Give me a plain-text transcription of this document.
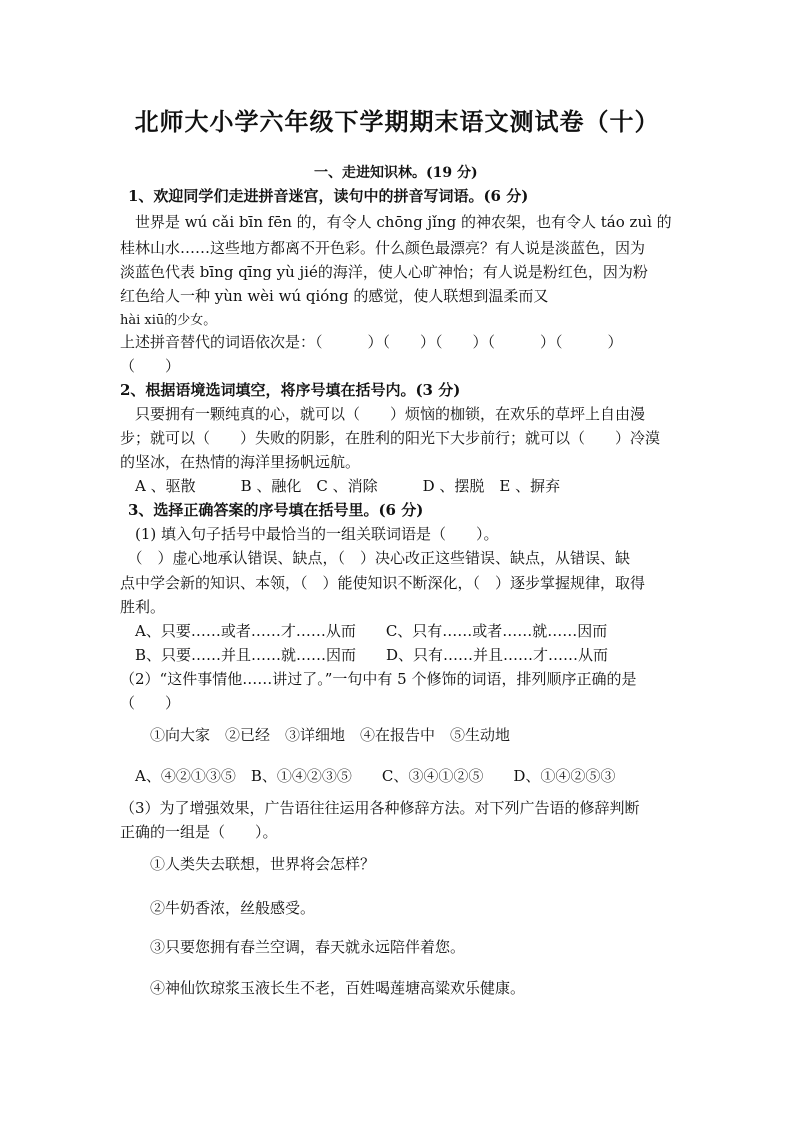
北师大小学六年级下学期期末语文测试卷（十）
一、走进知识林。(19 分)
1、欢迎同学们走进拼音迷宫，读句中的拼音写词语。(6 分)
　世界是 wú cǎi bīn fēn 的，有令人 chōng jǐng 的神农架，也有令人 táo zuì 的
桂林山水……这些地方都离不开色彩。什么颜色最漂亮？有人说是淡蓝色，因为
淡蓝色代表 bīng qīng yù jié的海洋，使人心旷神怡；有人说是粉红色，因为粉
红色给人一种 yùn wèi wú qióng 的感觉，使人联想到温柔而又
hài xiū的少女。
上述拼音替代的词语依次是：（　　　）（　　）（　　）（　　　）（　　　）
（　　）
2、根据语境选词填空，将序号填在括号内。(3 分)
　只要拥有一颗纯真的心，就可以（　　）烦恼的枷锁，在欢乐的草坪上自由漫
步；就可以（　　）失败的阴影，在胜利的阳光下大步前行；就可以（　　）冷漠
的坚冰，在热情的海洋里扬帆远航。
　A 、驱散　　　B 、融化　C 、消除　　　D 、摆脱　E 、摒弃
3、选择正确答案的序号填在括号里。(6 分)
　(1) 填入句子括号中最恰当的一组关联词语是（　　）。
　（　）虚心地承认错误、缺点，（　）决心改正这些错误、缺点，从错误、缺
点中学会新的知识、本领，（　）能使知识不断深化，（　）逐步掌握规律，取得
胜利。
　A、只要……或者……才……从而　　C、只有……或者……就……因而
　B、只要……并且……就……因而　　D、只有……并且……才……从而
（2）“这件事情他……讲过了。”一句中有 5 个修饰的词语，排列顺序正确的是
（　　）
　　①向大家　②已经　③详细地　④在报告中　⑤生动地
　A、④②①③⑤　B、①④②③⑤　　C、③④①②⑤　　D、①④②⑤③
（3）为了增强效果，广告语往往运用各种修辞方法。对下列广告语的修辞判断
正确的一组是（　　）。
　　①人类失去联想，世界将会怎样？
　　②牛奶香浓，丝般感受。
　　③只要您拥有春兰空调，春天就永远陪伴着您。
　　④神仙饮琼浆玉液长生不老，百姓喝莲塘高粱欢乐健康。
